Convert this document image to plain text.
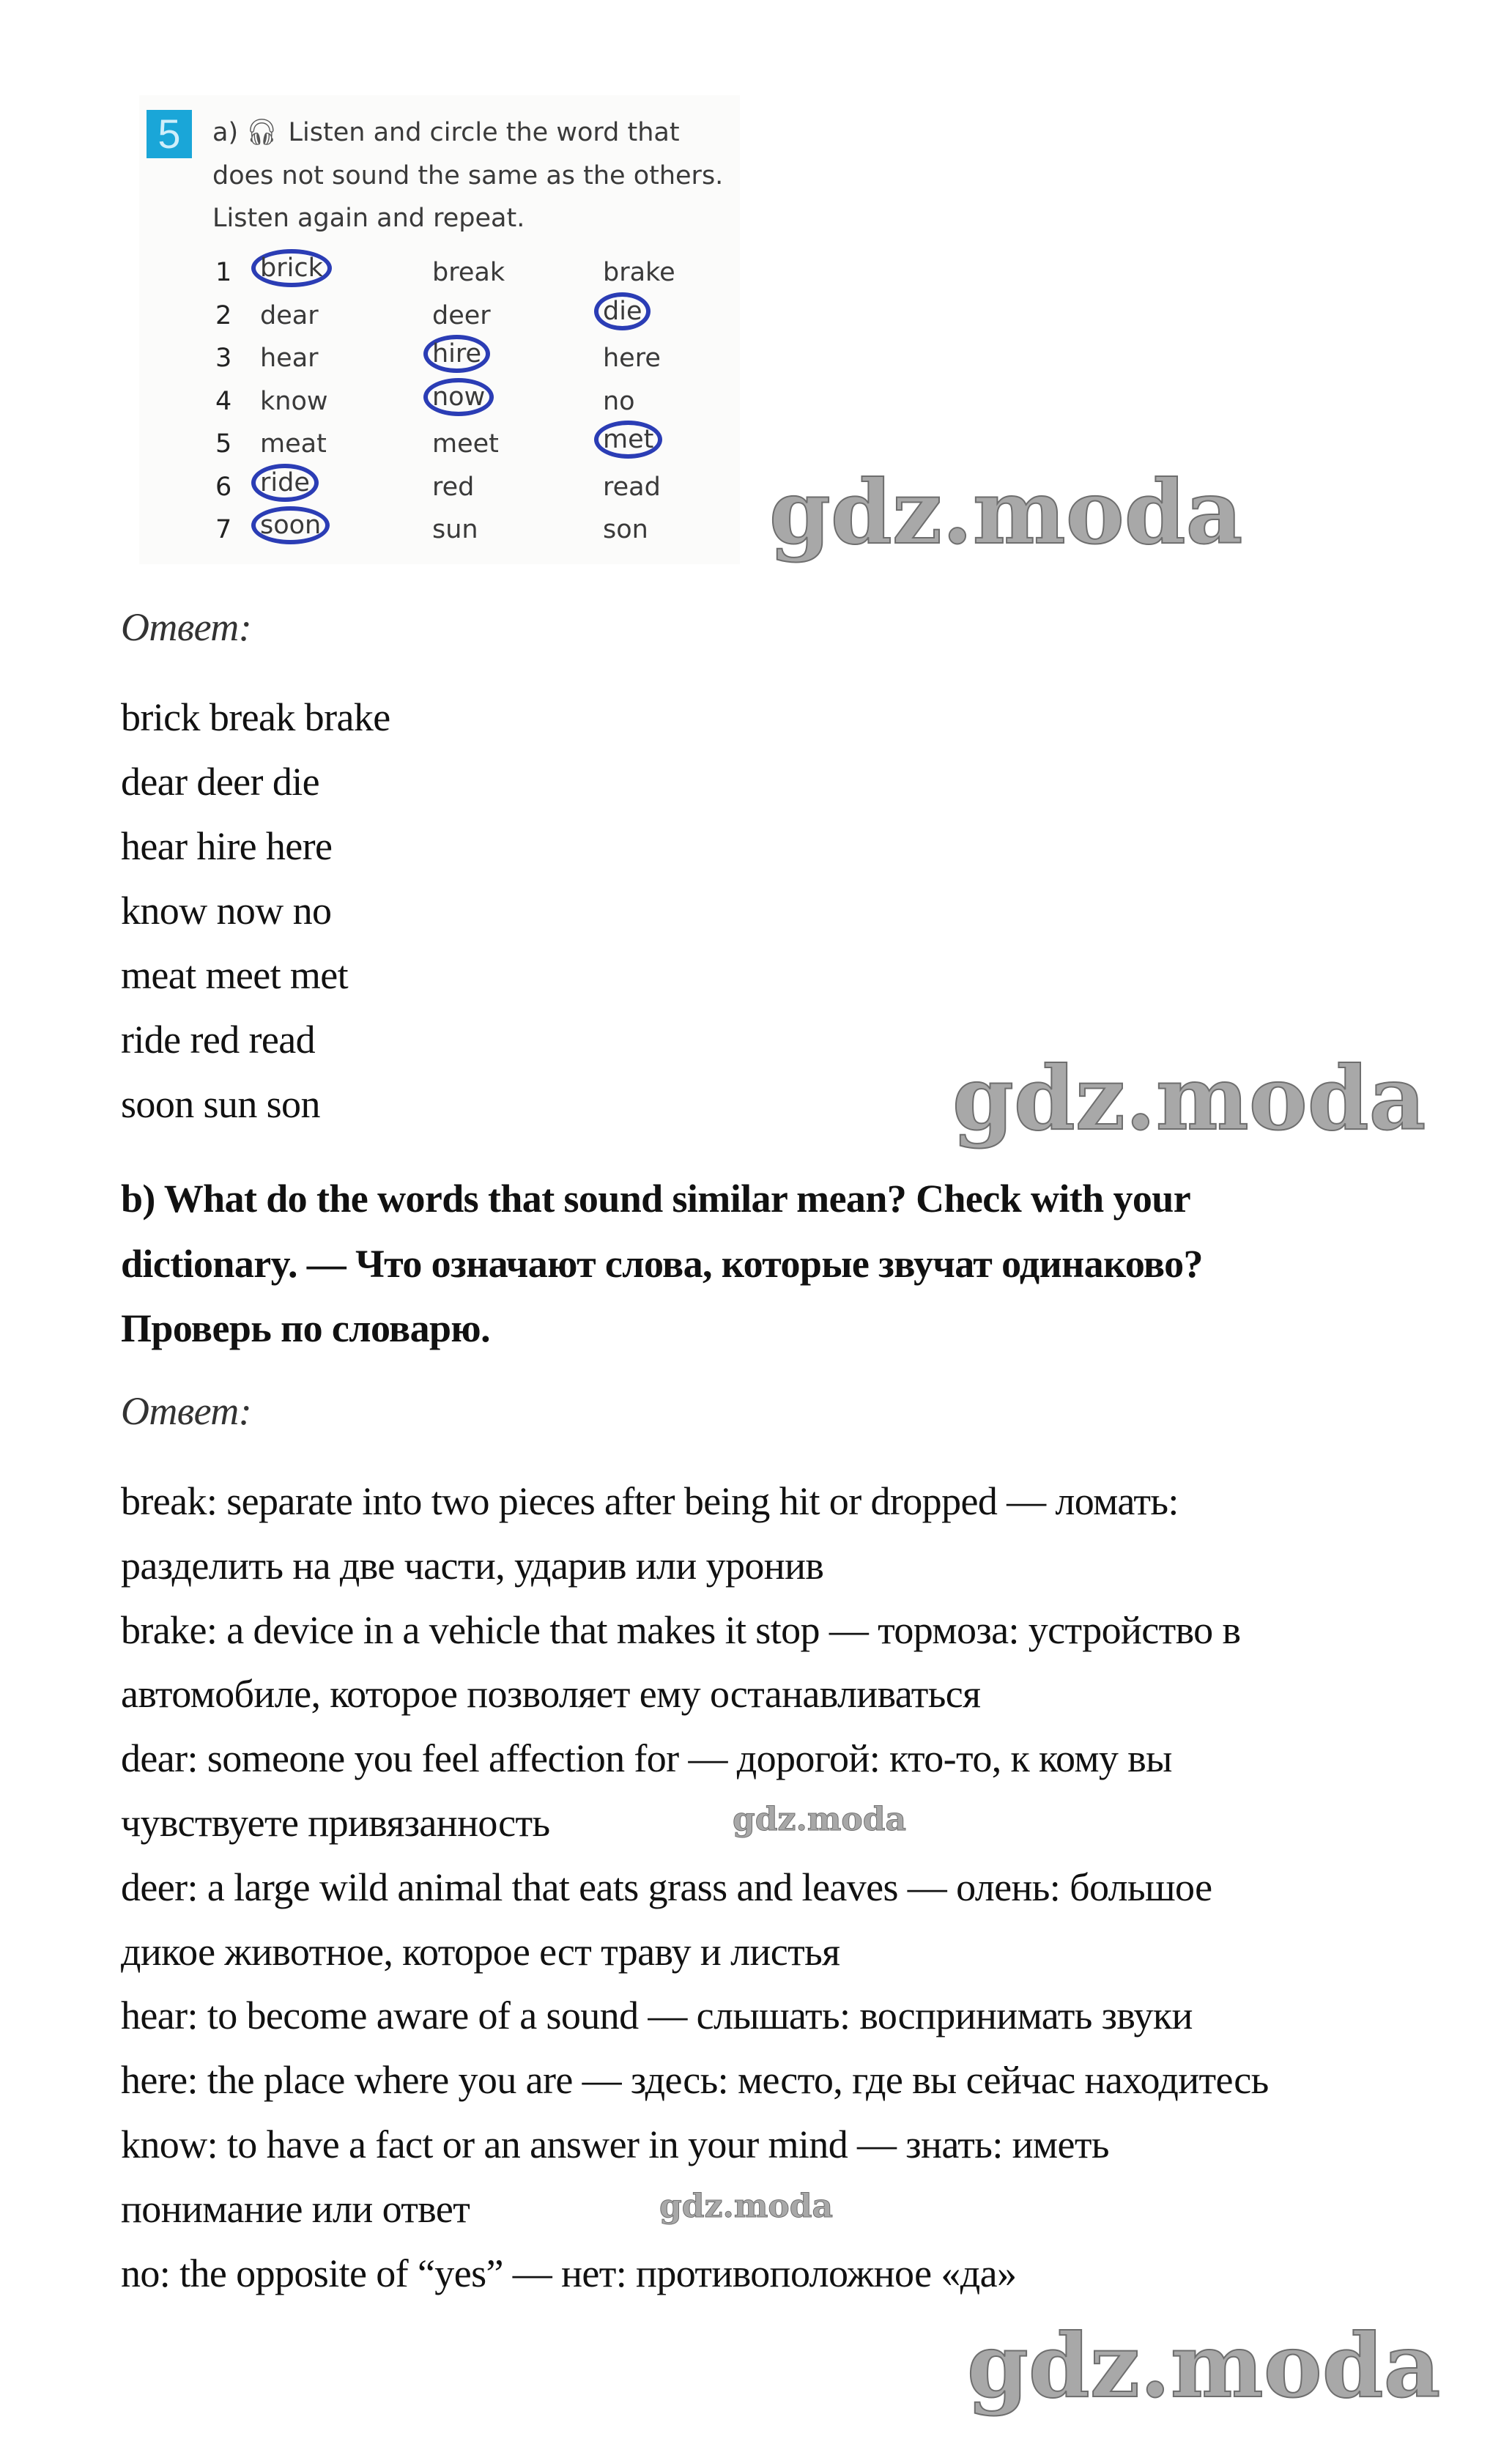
5	a) 🎧︎ Listen and circle the word that
does not sound the same as the others.
Listen again and repeat.
1 brick	break	brake
2 dear	deer	die
3 hear	hire	here
4 know	now	no
5 meat	meet	met
6 ride	red	read
7 soon	sun	son
Ответ:
brick break brake
dear deer die
hear hire here
know now no
meat meet met
ride red read
soon sun son
b) What do the words that sound similar mean? Check with your
dictionary. — Что означают слова, которые звучат одинаково?
Проверь по словарю.
Ответ:
break: separate into two pieces after being hit or dropped — ломать:
разделить на две части, ударив или уронив
brake: a device in a vehicle that makes it stop — тормоза: устройство в
автомобиле, которое позволяет ему останавливаться
dear: someone you feel affection for — дорогой: кто-то, к кому вы
чувствуете привязанность
deer: a large wild animal that eats grass and leaves — олень: большое
дикое животное, которое ест траву и листья
hear: to become aware of a sound — слышать: воспринимать звуки
here: the place where you are — здесь: место, где вы сейчас находитесь
know: to have a fact or an answer in your mind — знать: иметь
понимание или ответ
no: the opposite of “yes” — нет: противоположное «да»
gdz.moda
gdz.moda
gdz.moda
gdz.moda
gdz.moda
